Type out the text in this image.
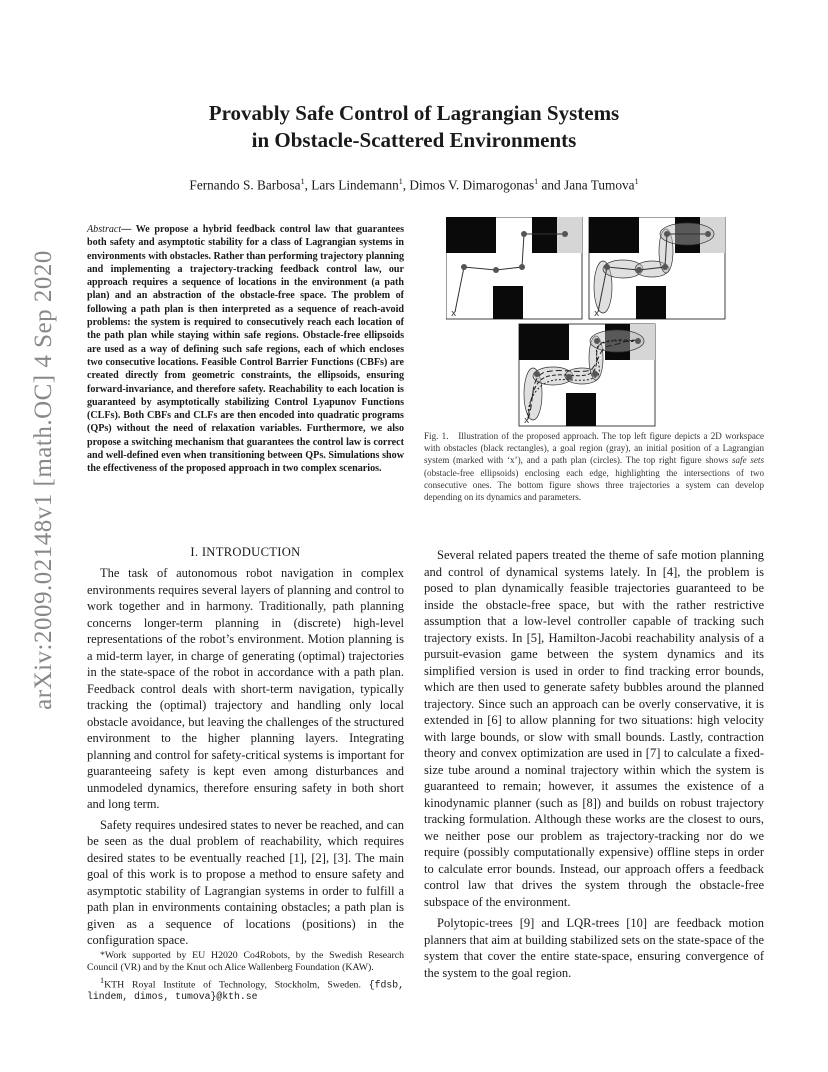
arXiv:2009.02148v1 [math.OC] 4 Sep 2020
Provably Safe Control of Lagrangian Systems
in Obstacle-Scattered Environments
Fernando S. Barbosa$^1$, Lars Lindemann$^1$, Dimos V. Dimarogonas$^1$ and Jana Tumova$^1$
Abstract— We propose a hybrid feedback control law that guarantees both safety and asymptotic stability for a class of Lagrangian systems in environments with obstacles. Rather than performing trajectory planning and implementing a trajectory-tracking feedback control law, our approach requires a sequence of locations in the environment (a path plan) and an abstraction of the obstacle-free space. The problem of following a path plan is then interpreted as a sequence of reach-avoid problems: the system is required to consecutively reach each location of the path plan while staying within safe regions. Obstacle-free ellipsoids are used as a way of defining such safe regions, each of which encloses two consecutive locations. Feasible Control Barrier Functions (CBFs) are created directly from geometric constraints, the ellipsoids, ensuring forward-invariance, and therefore safety. Reachability to each location is guaranteed by asymptotically stabilizing Control Lyapunov Functions (CLFs). Both CBFs and CLFs are then encoded into quadratic programs (QPs) without the need of relaxation variables. Furthermore, we also propose a switching mechanism that guarantees the control law is correct and well-defined even when transitioning between QPs. Simulations show the effectiveness of the proposed approach in two complex scenarios.
x	x
x
Fig. 1. Illustration of the proposed approach. The top left figure depicts a 2D workspace with obstacles (black rectangles), a goal region (gray), an initial position of a Lagrangian system (marked with ‘x’), and a path plan (circles). The top right figure shows safe sets (obstacle-free ellipsoids) enclosing each edge, highlighting the intersections of two consecutive ones. The bottom figure shows three trajectories a system can develop depending on its dynamics and parameters.
I. INTRODUCTION

The task of autonomous robot navigation in complex environments requires several layers of planning and control to work together and in harmony. Traditionally, path planning concerns longer-term planning in (discrete) high-level representations of the robot’s environment. Motion planning is a mid-term layer, in charge of generating (optimal) trajectories in the state-space of the robot in accordance with a path plan. Feedback control deals with short-term navigation, typically tracking the (optimal) trajectory and handling only local obstacle avoidance, but leaving the challenges of the structured environment to the higher planning layers. Integrating planning and control for safety-critical systems is important for guaranteeing safety is kept even among disturbances and unmodeled dynamics, therefore ensuring safety in both short and long term.

Safety requires undesired states to never be reached, and can be seen as the dual problem of reachability, which requires desired states to be eventually reached [1], [2], [3]. The main goal of this work is to propose a method to ensure safety and asymptotic stability of Lagrangian systems in order to fulfill a path plan in environments containing obstacles; a path plan is given as a sequence of locations (positions) in the configuration space.

Several related papers treated the theme of safe motion planning and control of dynamical systems lately. In [4], the problem is posed to plan dynamically feasible trajectories guaranteed to be inside the obstacle-free space, but with the rather restrictive assumption that a low-level controller capable of tracking such trajectory exists. In [5], Hamilton-Jacobi reachability analysis of a pursuit-evasion game between the system dynamics and its simplified version is used in order to find tracking error bounds, which are then used to generate safety bubbles around the planned trajectory. Since such an approach can be overly conservative, it is extended in [6] to allow planning for two situations: high velocity with large bounds, or slow with small bounds. Lastly, contraction theory and convex optimization are used in [7] to calculate a fixed-size tube around a nominal trajectory within which the system is guaranteed to remain; however, it assumes the existence of a kinodynamic planner (such as [8]) and builds on robust trajectory tracking formulation. Although these works are the closest to ours, we neither pose our problem as trajectory-tracking nor do we require (possibly computationally expensive) offline steps in order to calculate error bounds. Instead, our approach offers a feedback control law that drives the system through the obstacle-free subspace of the environment.

Polytopic-trees [9] and LQR-trees [10] are feedback motion planners that aim at building stabilized sets on the state-space of the system that cover the entire state-space, ensuring convergence of the system to the goal region.

*Work supported by EU H2020 Co4Robots, by the Swedish Research Council (VR) and by the Knut och Alice Wallenberg Foundation (KAW).

$^1$KTH Royal Institute of Technology, Stockholm, Sweden. {fdsb, lindem, dimos, tumova}@kth.se
